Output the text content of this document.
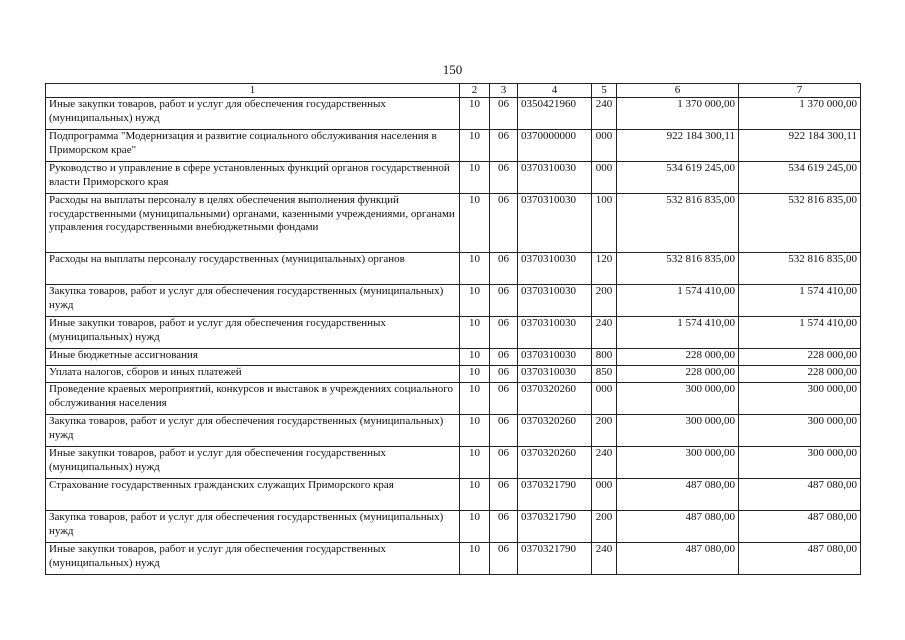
150
1	2	3	4	5	6	7
Иные закупки товаров, работ и услуг для обеспечения государственных (муниципальных) нужд	10	06	0350421960	240	1 370 000,00	1 370 000,00
Подпрограмма "Модернизация и развитие социального обслуживания населения в Приморском крае"	10	06	0370000000	000	922 184 300,11	922 184 300,11
Руководство и управление в сфере установленных функций органов государственной власти Приморского края	10	06	0370310030	000	534 619 245,00	534 619 245,00
Расходы на выплаты персоналу в целях обеспечения выполнения функций государственными (муниципальными) органами, казенными учреждениями, органами управления государственными внебюджетными фондами	10	06	0370310030	100	532 816 835,00	532 816 835,00
Расходы на выплаты персоналу государственных (муниципальных) органов	10	06	0370310030	120	532 816 835,00	532 816 835,00
Закупка товаров, работ и услуг для обеспечения государственных (муниципальных) нужд	10	06	0370310030	200	1 574 410,00	1 574 410,00
Иные закупки товаров, работ и услуг для обеспечения государственных (муниципальных) нужд	10	06	0370310030	240	1 574 410,00	1 574 410,00
Иные бюджетные ассигнования	10	06	0370310030	800	228 000,00	228 000,00
Уплата налогов, сборов и иных платежей	10	06	0370310030	850	228 000,00	228 000,00
Проведение краевых мероприятий, конкурсов и выставок в учреждениях социального обслуживания населения	10	06	0370320260	000	300 000,00	300 000,00
Закупка товаров, работ и услуг для обеспечения государственных (муниципальных) нужд	10	06	0370320260	200	300 000,00	300 000,00
Иные закупки товаров, работ и услуг для обеспечения государственных (муниципальных) нужд	10	06	0370320260	240	300 000,00	300 000,00
Страхование государственных гражданских служащих Приморского края	10	06	0370321790	000	487 080,00	487 080,00
Закупка товаров, работ и услуг для обеспечения государственных (муниципальных) нужд	10	06	0370321790	200	487 080,00	487 080,00
Иные закупки товаров, работ и услуг для обеспечения государственных (муниципальных) нужд	10	06	0370321790	240	487 080,00	487 080,00
